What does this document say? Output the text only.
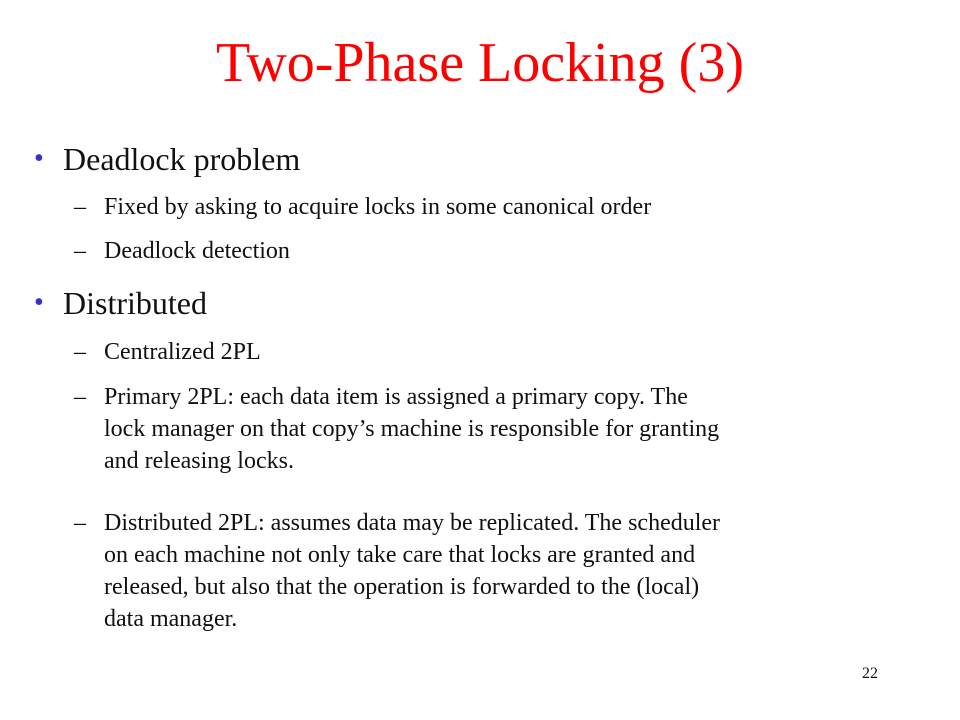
Two-Phase Locking (3)
• Deadlock problem
– Fixed by asking to acquire locks in some canonical order
– Deadlock detection
• Distributed
– Centralized 2PL
– Primary 2PL: each data item is assigned a primary copy. The
lock manager on that copy’s machine is responsible for granting
and releasing locks.
– Distributed 2PL: assumes data may be replicated. The scheduler
on each machine not only take care that locks are granted and
released, but also that the operation is forwarded to the (local)
data manager.
22
